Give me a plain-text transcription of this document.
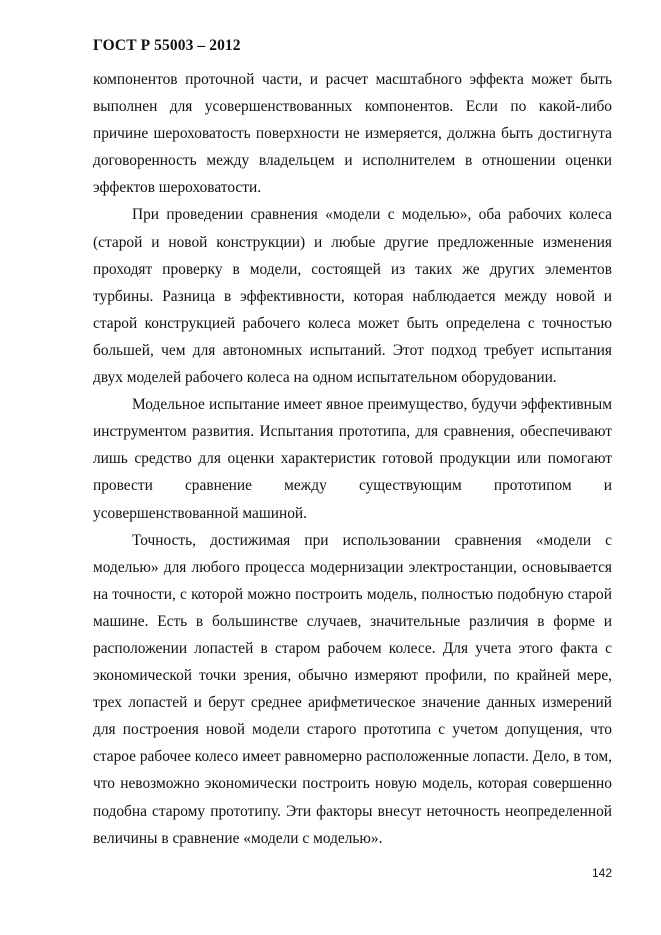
ГОСТ Р 55003 – 2012

компонентов проточной части, и расчет масштабного эффекта может быть выполнен для усовершенствованных компонентов. Если по какой-либо причине шероховатость поверхности не измеряется, должна быть достигнута договоренность между владельцем и исполнителем в отношении оценки эффектов шероховатости.

При проведении сравнения «модели с моделью», оба рабочих колеса (старой и новой конструкции) и любые другие предложенные изменения проходят проверку в модели, состоящей из таких же других элементов турбины. Разница в эффективности, которая наблюдается между новой и старой конструкцией рабочего колеса может быть определена с точностью большей, чем для автономных испытаний. Этот подход требует испытания двух моделей рабочего колеса на одном испытательном оборудовании.

Модельное испытание имеет явное преимущество, будучи эффективным инструментом развития. Испытания прототипа, для сравнения, обеспечивают лишь средство для оценки характеристик готовой продукции или помогают провести сравнение между существующим прототипом и усовершенствованной машиной.

Точность, достижимая при использовании сравнения «модели с моделью» для любого процесса модернизации электростанции, основывается на точности, с которой можно построить модель, полностью подобную старой машине. Есть в большинстве случаев, значительные различия в форме и расположении лопастей в старом рабочем колесе. Для учета этого факта с экономической точки зрения, обычно измеряют профили, по крайней мере, трех лопастей и берут среднее арифметическое значение данных измерений для построения новой модели старого прототипа с учетом допущения, что старое рабочее колесо имеет равномерно расположенные лопасти. Дело, в том, что невозможно экономически построить новую модель, которая совершенно подобна старому прототипу. Эти факторы внесут неточность неопределенной величины в сравнение «модели с моделью».

142
